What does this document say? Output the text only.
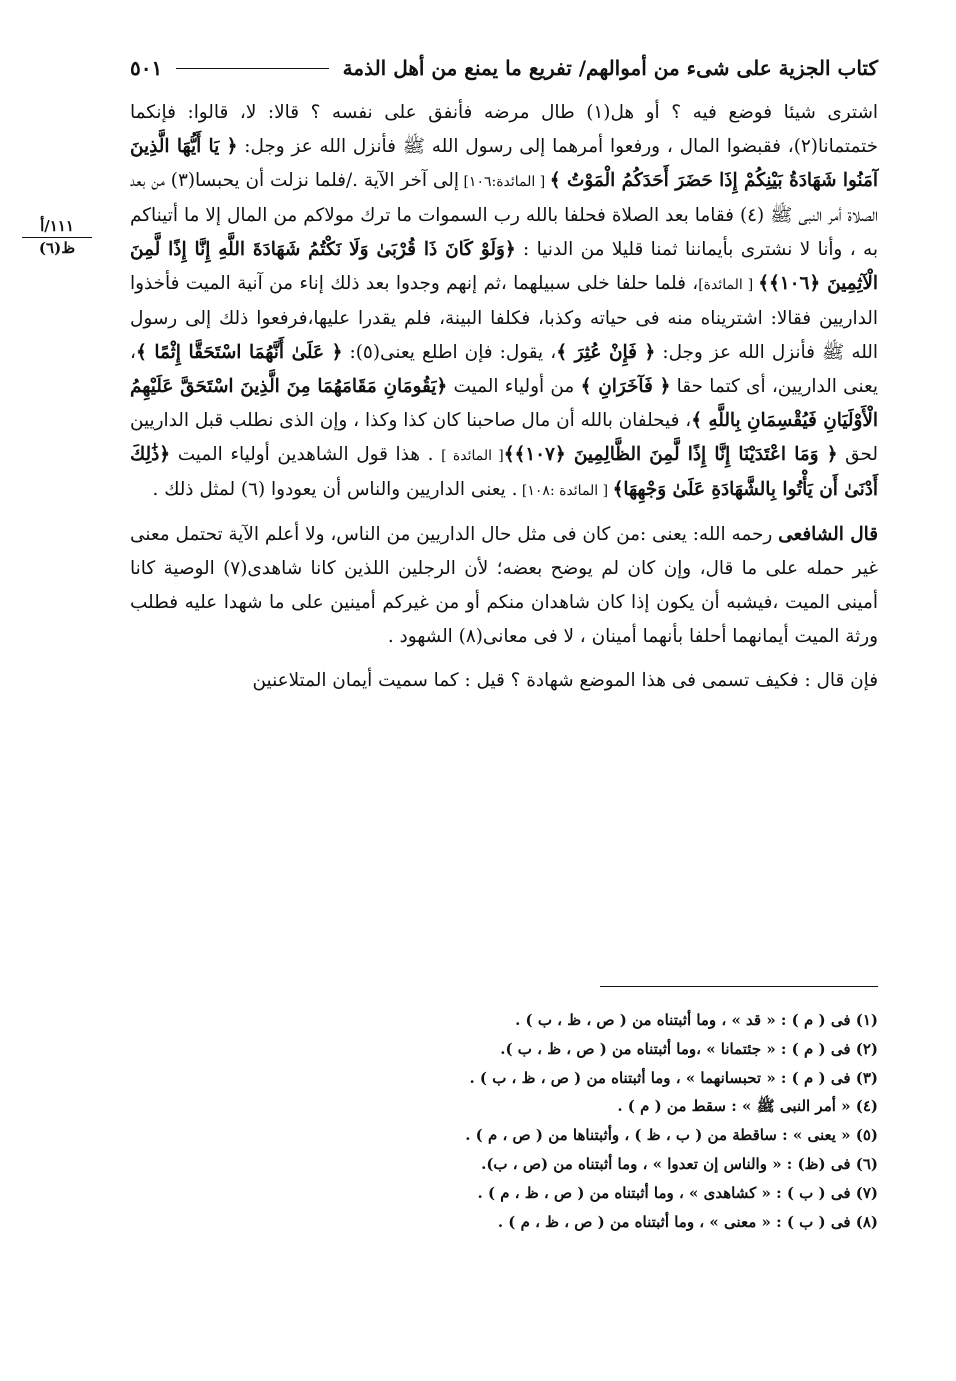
كتاب الجزية على شىء من أموالهم/ تفريع ما يمنع من أهل الذمة
٥٠١
١١١/أ
ظ(٦)

اشترى شيئا فوضع فيه ؟ أو هل(١) طال مرضه فأنفق على نفسه ؟ قالا: لا، قالوا: فإنكما ختمتمانا(٢)، فقبضوا المال ، ورفعوا أمرهما إلى رسول الله ﷺ فأنزل الله عز وجل: ﴿ يَا أَيُّهَا الَّذِينَ آمَنُوا شَهَادَةُ بَيْنِكُمْ إِذَا حَضَرَ أَحَدَكُمُ الْمَوْتُ ﴾ [ المائدة:١٠٦] إلى آخر الآية ./فلما نزلت أن يحبسا(٣) من بعد الصلاة أمر النبى ﷺ (٤) فقاما بعد الصلاة فحلفا بالله رب السموات ما ترك مولاكم من المال إلا ما أتيناكم به ، وأنا لا نشترى بأيماننا ثمنا قليلا من الدنيا : ﴿وَلَوْ كَانَ ذَا قُرْبَىٰ وَلَا نَكْتُمُ شَهَادَةَ اللَّهِ إِنَّا إِذًا لَّمِنَ الْآثِمِينَ ﴿١٠٦﴾﴾ [ المائدة]، فلما حلفا خلى سبيلهما ،ثم إنهم وجدوا بعد ذلك إناء من آنية الميت فأخذوا الداريين فقالا: اشتريناه منه فى حياته وكذبا، فكلفا البينة، فلم يقدرا عليها،فرفعوا ذلك إلى رسول الله ﷺ فأنزل الله عز وجل: ﴿ فَإِنْ عُثِرَ ﴾، يقول: فإن اطلع يعنى(٥): ﴿ عَلَىٰ أَنَّهُمَا اسْتَحَقَّا إِثْمًا ﴾، يعنى الداريين، أى كتما حقا ﴿ فَآخَرَانِ ﴾ من أولياء الميت ﴿يَقُومَانِ مَقَامَهُمَا مِنَ الَّذِينَ اسْتَحَقَّ عَلَيْهِمُ الْأَوْلَيَانِ فَيُقْسِمَانِ بِاللَّهِ ﴾، فيحلفان بالله أن مال صاحبنا كان كذا وكذا ، وإن الذى نطلب قبل الداريين لحق ﴿ وَمَا اعْتَدَيْنَا إِنَّا إِذًا لَّمِنَ الظَّالِمِينَ ﴿١٠٧﴾﴾[ المائدة ] . هذا قول الشاهدين أولياء الميت ﴿ذَٰلِكَ أَدْنَىٰ أَن يَأْتُوا بِالشَّهَادَةِ عَلَىٰ وَجْهِهَا﴾ [ المائدة :١٠٨] . يعنى الداريين والناس أن يعودوا (٦) لمثل ذلك .

قال الشافعى رحمه الله: يعنى :من كان فى مثل حال الداريين من الناس، ولا أعلم الآية تحتمل معنى غير حمله على ما قال، وإن كان لم يوضح بعضه؛ لأن الرجلين اللذين كانا شاهدى(٧) الوصية كانا أمينى الميت ،فيشبه أن يكون إذا كان شاهدان منكم أو من غيركم أمينين على ما شهدا عليه فطلب ورثة الميت أيمانهما أحلفا بأنهما أمينان ، لا فى معانى(٨) الشهود .

فإن قال : فكيف تسمى فى هذا الموضع شهادة ؟ قيل : كما سميت أيمان المتلاعنين

(١) فى ( م ) : « قد » ، وما أثبتناه من ( ص ، ظ ، ب ) .
(٢) فى ( م ) : « جئتمانا » ،وما أثبتناه من ( ص ، ظ ، ب ).
(٣) فى ( م ) : « تحبسانهما » ، وما أثبتناه من ( ص ، ظ ، ب ) .
(٤) « أمر النبى ﷺ » : سقط من ( م ) .
(٥) « يعنى » : ساقطة من ( ب ، ظ ) ، وأثبتناها من ( ص ، م ) .
(٦) فى (ظ) : « والناس إن تعدوا » ، وما أثبتناه من (ص ، ب).
(٧) فى ( ب ) : « كشاهدى » ، وما أثبتناه من ( ص ، ظ ، م ) .
(٨) فى ( ب ) : « معنى » ، وما أثبتناه من ( ص ، ظ ، م ) .
